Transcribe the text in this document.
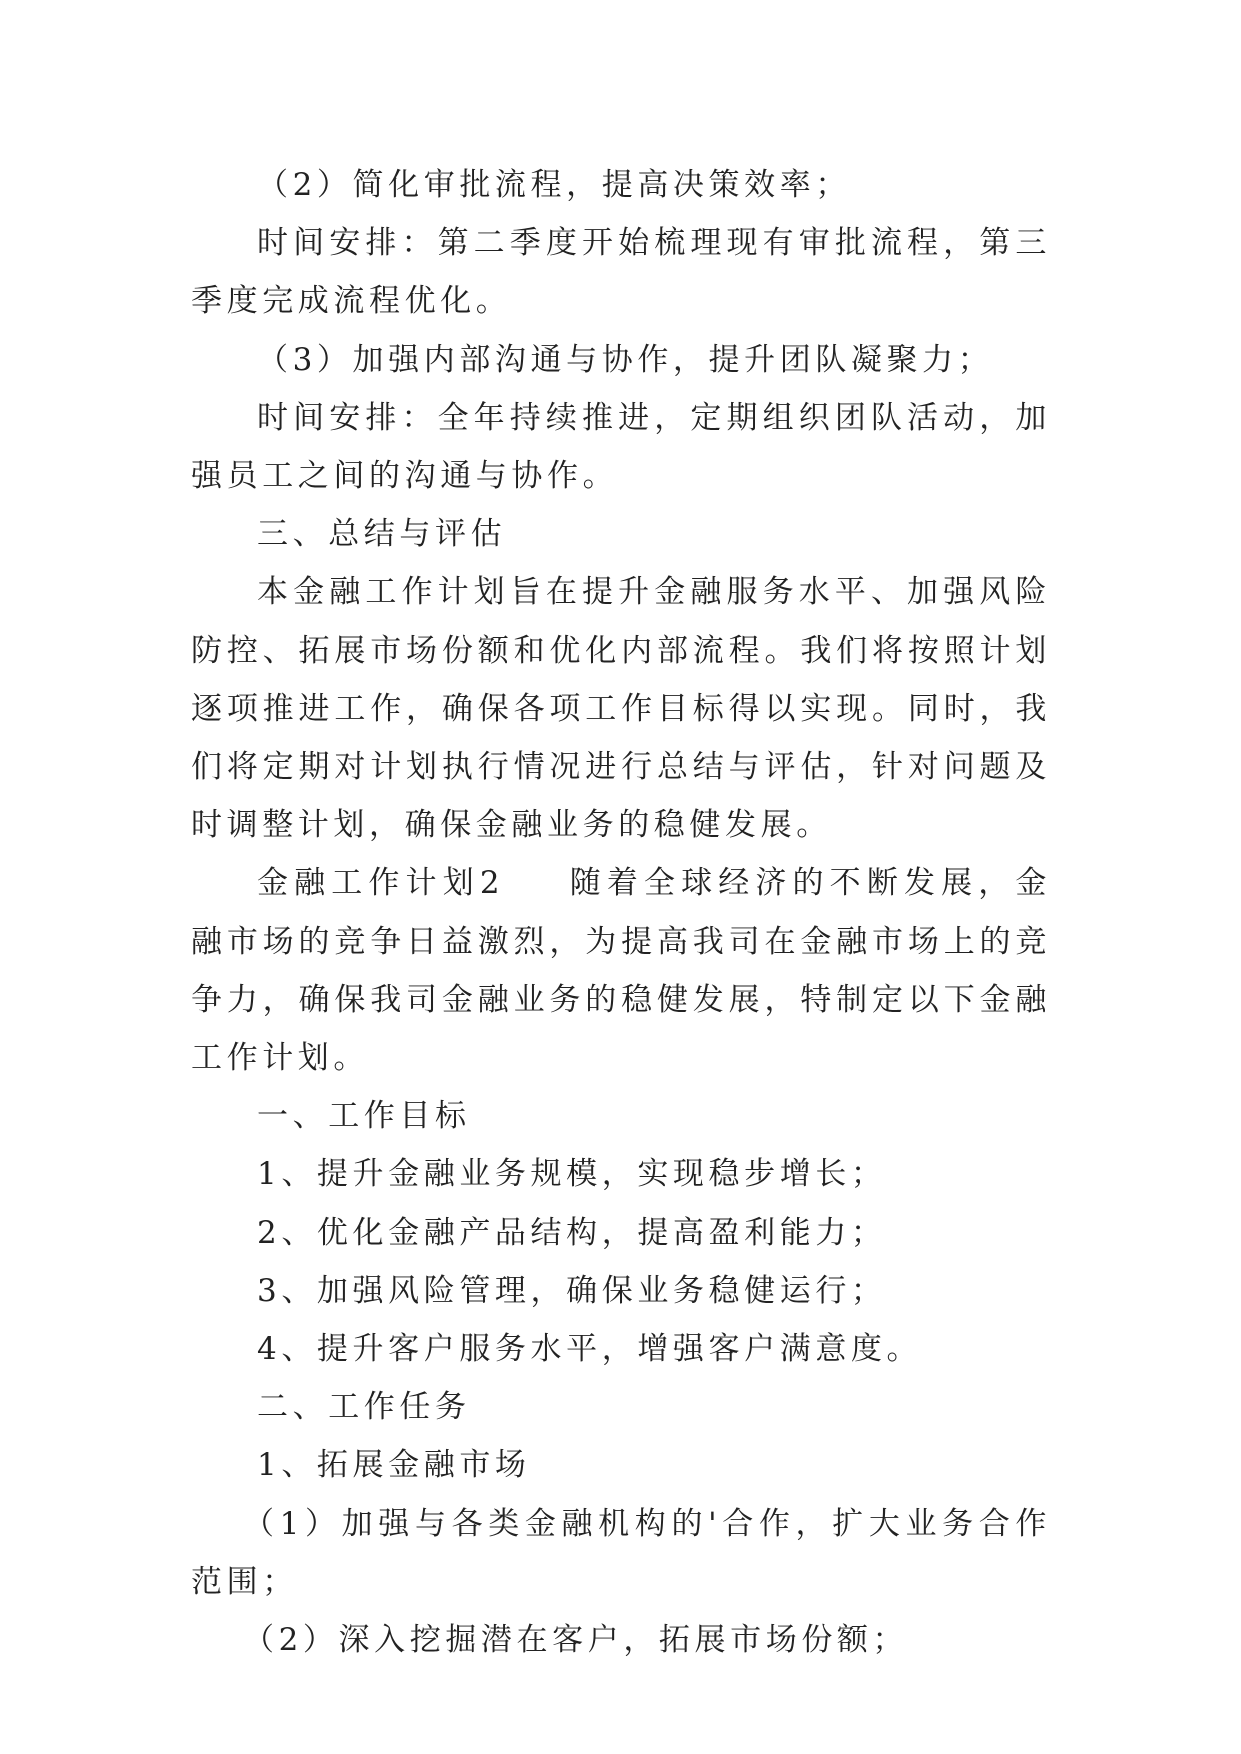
（2）简化审批流程，提高决策效率；

时间安排：第二季度开始梳理现有审批流程，第三季度完成流程优化。

（3）加强内部沟通与协作，提升团队凝聚力；

时间安排：全年持续推进，定期组织团队活动，加强员工之间的沟通与协作。

三、总结与评估

本金融工作计划旨在提升金融服务水平、加强风险防控、拓展市场份额和优化内部流程。我们将按照计划逐项推进工作，确保各项工作目标得以实现。同时，我们将定期对计划执行情况进行总结与评估，针对问题及时调整计划，确保金融业务的稳健发展。

金融工作计划2 随着全球经济的不断发展，金融市场的竞争日益激烈，为提高我司在金融市场上的竞争力，确保我司金融业务的稳健发展，特制定以下金融工作计划。

一、工作目标

1、提升金融业务规模，实现稳步增长；

2、优化金融产品结构，提高盈利能力；

3、加强风险管理，确保业务稳健运行；

4、提升客户服务水平，增强客户满意度。

二、工作任务

1、拓展金融市场

（1）加强与各类金融机构的'合作，扩大业务合作范围；

（2）深入挖掘潜在客户，拓展市场份额；
